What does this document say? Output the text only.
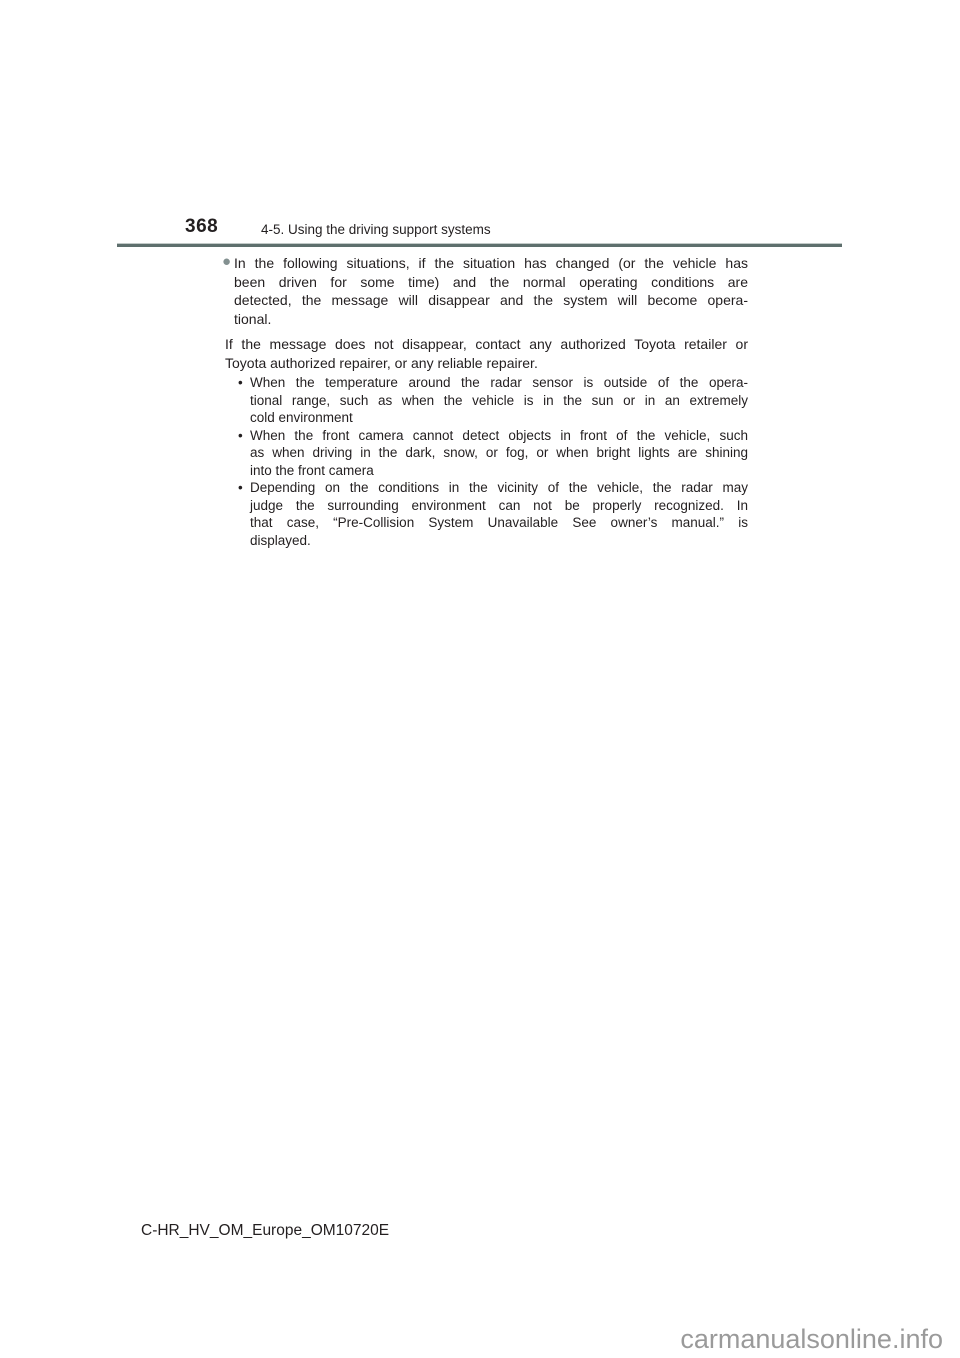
368	4-5. Using the driving support systems
● In the following situations, if the situation has changed (or the vehicle has
been driven for some time) and the normal operating conditions are
detected, the message will disappear and the system will become opera-
tional.
If the message does not disappear, contact any authorized Toyota retailer or
Toyota authorized repairer, or any reliable repairer.
• When the temperature around the radar sensor is outside of the opera-
tional range, such as when the vehicle is in the sun or in an extremely
cold environment
• When the front camera cannot detect objects in front of the vehicle, such
as when driving in the dark, snow, or fog, or when bright lights are shining
into the front camera
• Depending on the conditions in the vicinity of the vehicle, the radar may
judge the surrounding environment can not be properly recognized. In
that case, “Pre-Collision System Unavailable See owner’s manual.” is
displayed.
C-HR_HV_OM_Europe_OM10720E
carmanualsonline.info
